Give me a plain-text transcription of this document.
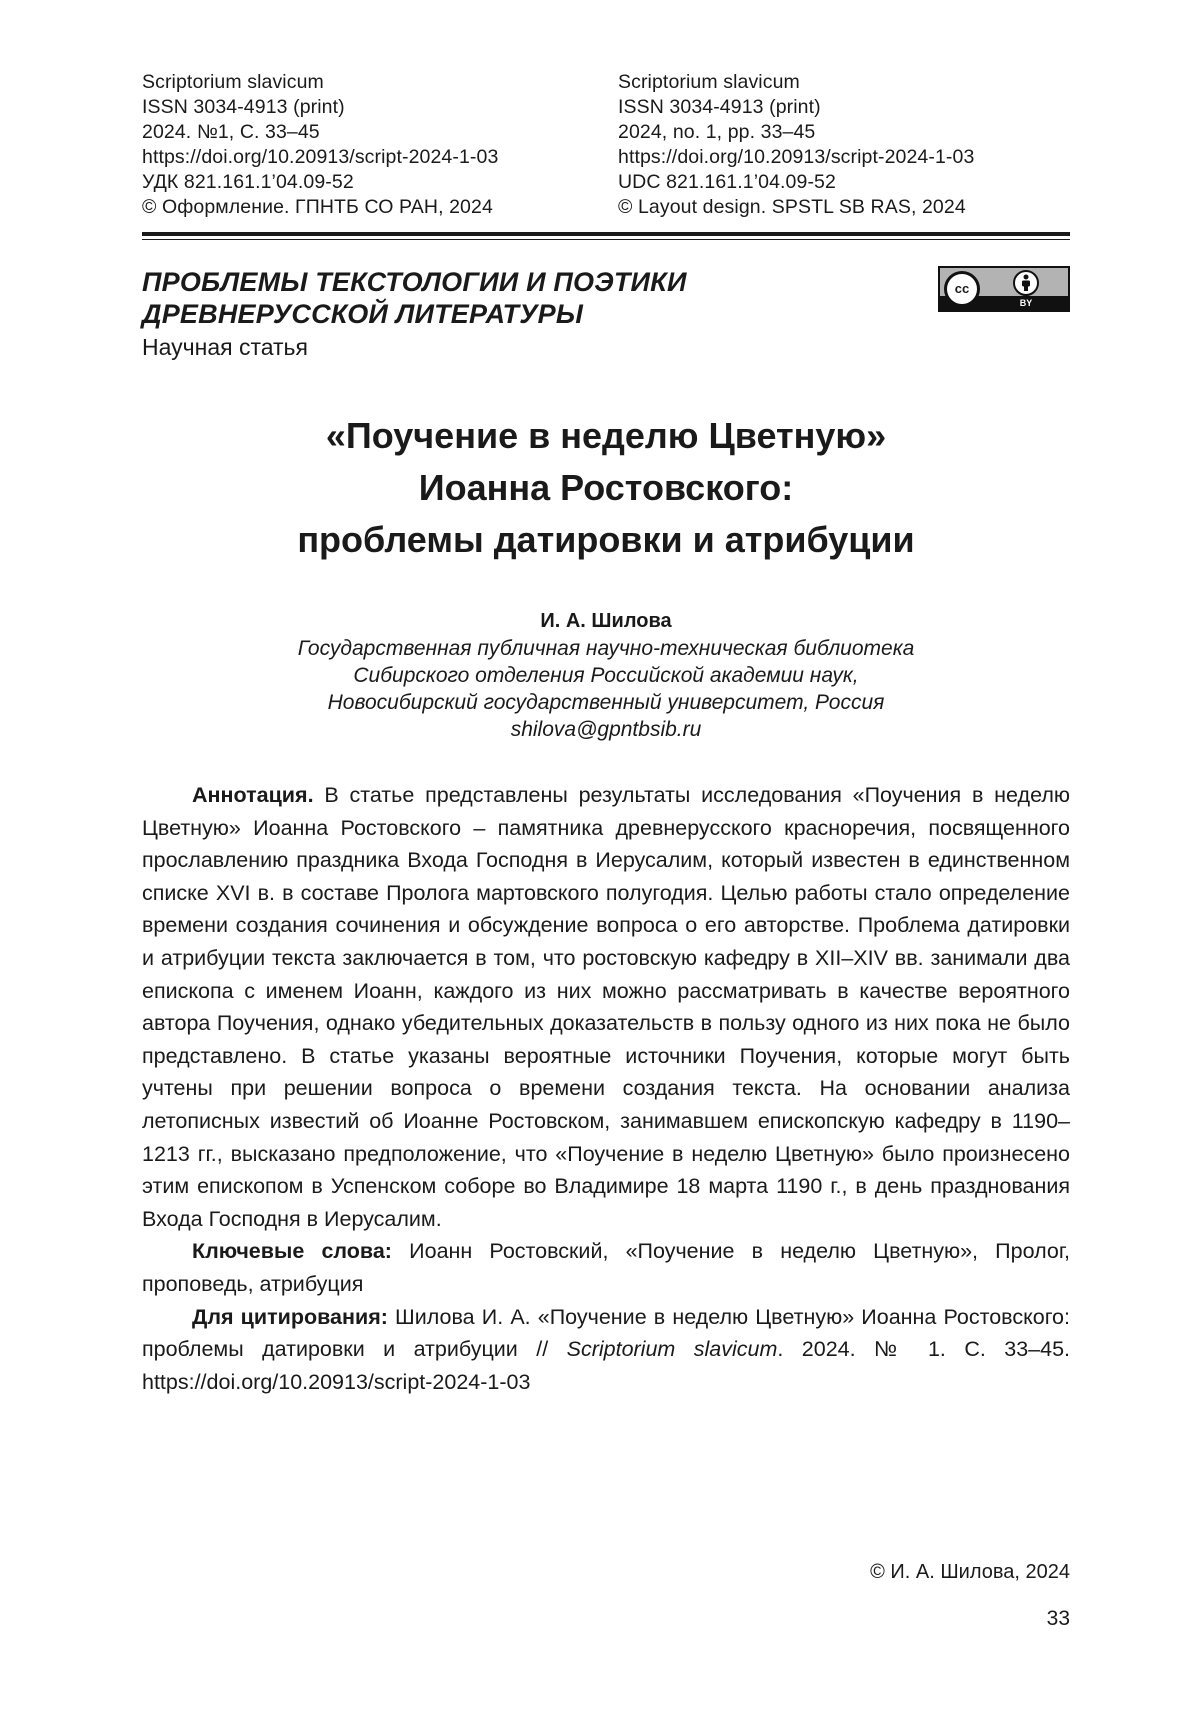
Scriptorium slavicum
ISSN 3034-4913 (print)
2024. №1, С. 33–45
https://doi.org/10.20913/script-2024-1-03
УДК 821.161.1’04.09-52
© Оформление. ГПНТБ СО РАН, 2024
Scriptorium slavicum
ISSN 3034-4913 (print)
2024, no. 1, pp. 33–45
https://doi.org/10.20913/script-2024-1-03
UDC 821.161.1’04.09-52
© Layout design. SPSTL SB RAS, 2024
ПРОБЛЕМЫ ТЕКСТОЛОГИИ И ПОЭТИКИ
ДРЕВНЕРУССКОЙ ЛИТЕРАТУРЫ
Научная статья
cc
BY
«Поучение в неделю Цветную»
Иоанна Ростовского:
проблемы датировки и атрибуции
И. А. Шилова
Государственная публичная научно-техническая библиотека
Сибирского отделения Российской академии наук,
Новосибирский государственный университет, Россия
shilova@gpntbsib.ru

Аннотация. В статье представлены результаты исследования «Поучения в неделю Цветную» Иоанна Ростовского – памятника древнерусского красноречия, посвященного прославлению праздника Входа Господня в Иерусалим, который известен в единственном списке XVI в. в составе Пролога мартовского полугодия. Целью работы стало определение времени создания сочинения и обсуждение вопроса о его авторстве. Проблема датировки и атрибуции текста заключается в том, что ростовскую кафедру в XII–XIV вв. занимали два епископа с именем Иоанн, каждого из них можно рассматривать в качестве вероятного автора Поучения, однако убедительных доказательств в пользу одного из них пока не было представлено. В статье указаны вероятные источники Поучения, которые могут быть учтены при решении вопроса о времени создания текста. На основании анализа летописных известий об Иоанне Ростовском, занимавшем епископскую кафедру в 1190–1213 гг., высказано предположение, что «Поучение в неделю Цветную» было произнесено этим епископом в Успенском соборе во Владимире 18 марта 1190 г., в день празднования Входа Господня в Иерусалим.

Ключевые слова: Иоанн Ростовский, «Поучение в неделю Цветную», Пролог, проповедь, атрибуция

Для цитирования: Шилова И. А. «Поучение в неделю Цветную» Иоанна Ростовского: проблемы датировки и атрибуции // Scriptorium slavicum. 2024. № 1. С. 33–45. https://doi.org/10.20913/script-2024-1-03

© И. А. Шилова, 2024
33
